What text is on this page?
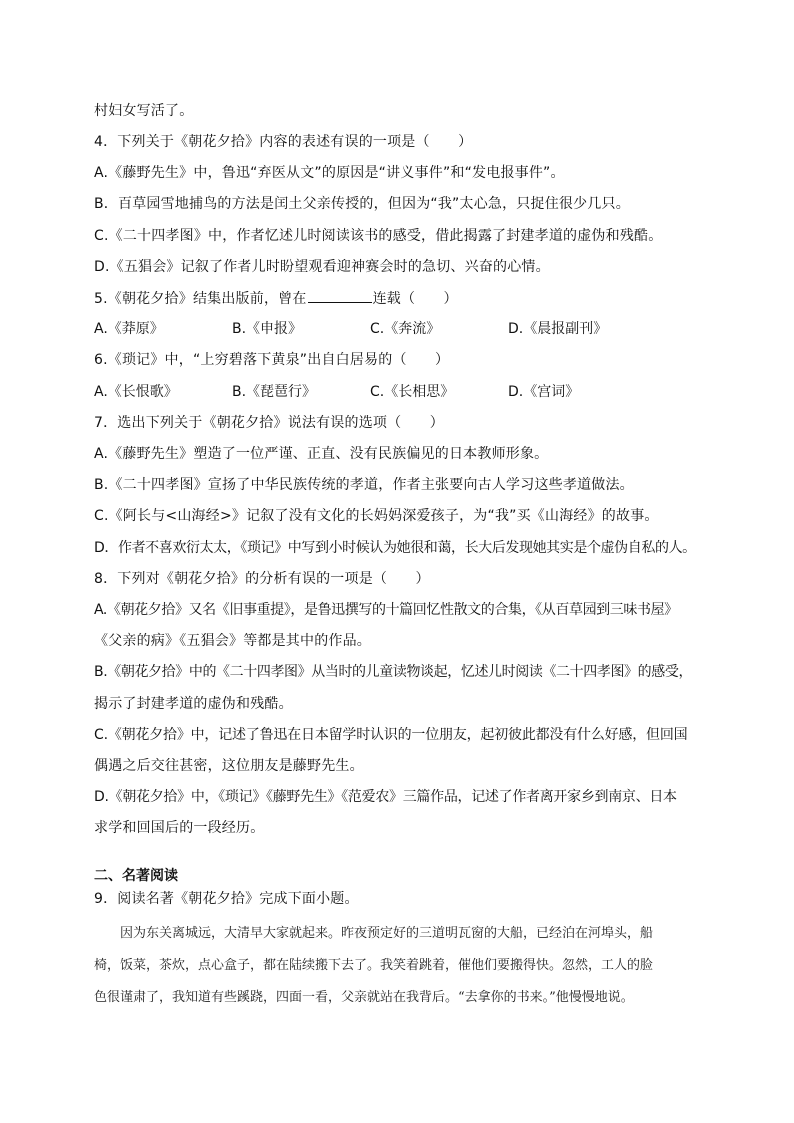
村妇女写活了。
4．下列关于《朝花夕拾》内容的表述有误的一项是（　　）
A.《藤野先生》中，鲁迅“弃医从文”的原因是“讲义事件”和“发电报事件”。
B．百草园雪地捕鸟的方法是闰土父亲传授的，但因为“我”太心急，只捉住很少几只。
C.《二十四孝图》中，作者忆述儿时阅读该书的感受，借此揭露了封建孝道的虚伪和残酷。
D.《五猖会》记叙了作者儿时盼望观看迎神赛会时的急切、兴奋的心情。
5.《朝花夕拾》结集出版前，曾在	连载（　　）
A.《莽原》	B.《申报》	C.《奔流》	D.《晨报副刊》
6.《琐记》中，“上穷碧落下黄泉”出自白居易的（　　）
A.《长恨歌》	B.《琵琶行》	C.《长相思》	D.《宫词》
7．选出下列关于《朝花夕拾》说法有误的选项（　　）
A.《藤野先生》塑造了一位严谨、正直、没有民族偏见的日本教师形象。
B.《二十四孝图》宣扬了中华民族传统的孝道，作者主张要向古人学习这些孝道做法。
C.《阿长与<山海经>》记叙了没有文化的长妈妈深爱孩子，为“我”买《山海经》的故事。
D．作者不喜欢衍太太，《琐记》中写到小时候认为她很和蔼，长大后发现她其实是个虚伪自私的人。
8．下列对《朝花夕拾》的分析有误的一项是（　　）
A.《朝花夕拾》又名《旧事重提》，是鲁迅撰写的十篇回忆性散文的合集，《从百草园到三味书屋》
《父亲的病》《五猖会》等都是其中的作品。
B.《朝花夕拾》中的《二十四孝图》从当时的儿童读物谈起，忆述儿时阅读《二十四孝图》的感受，
揭示了封建孝道的虚伪和残酷。
C.《朝花夕拾》中，记述了鲁迅在日本留学时认识的一位朋友，起初彼此都没有什么好感，但回国
偶遇之后交往甚密，这位朋友是藤野先生。
D.《朝花夕拾》中，《琐记》《藤野先生》《范爱农》三篇作品，记述了作者离开家乡到南京、日本
求学和回国后的一段经历。
二、名著阅读
9．阅读名著《朝花夕拾》完成下面小题。
　　因为东关离城远，大清早大家就起来。昨夜预定好的三道明瓦窗的大船，已经泊在河埠头，船
椅，饭菜，茶炊，点心盒子，都在陆续搬下去了。我笑着跳着，催他们要搬得快。忽然，工人的脸
色很谨肃了，我知道有些蹊跷，四面一看，父亲就站在我背后。“去拿你的书来。”他慢慢地说。
